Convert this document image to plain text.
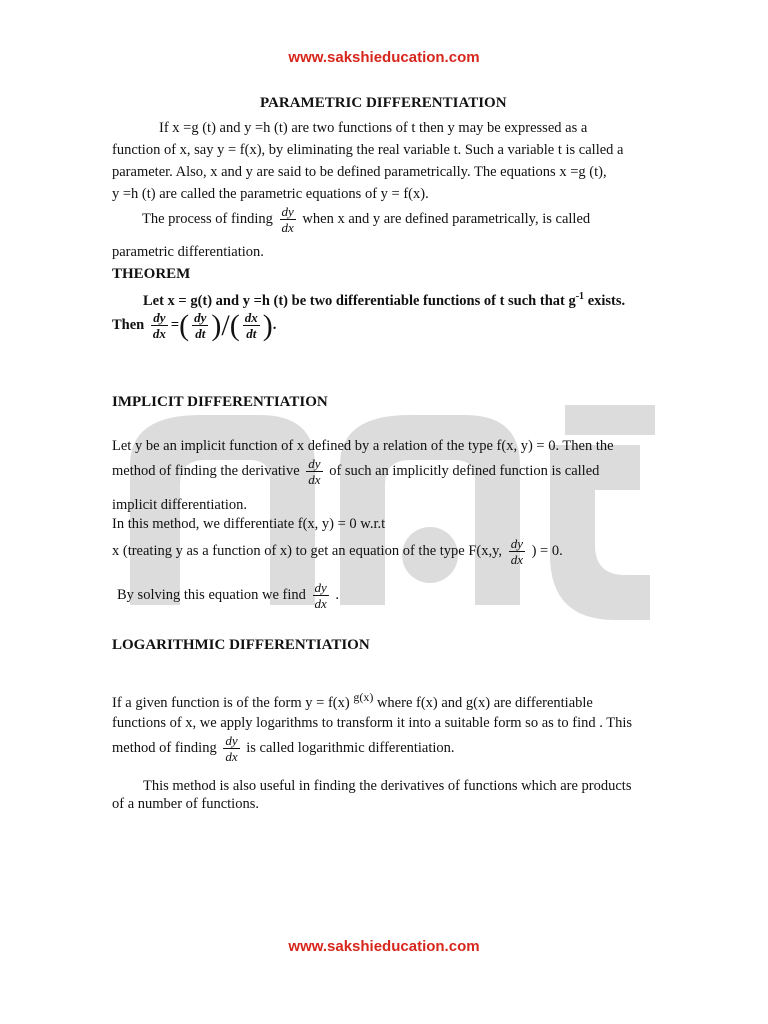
www.sakshieducation.com
PARAMETRIC DIFFERENTIATION
If x =g (t) and y =h (t) are two functions of t then y may be expressed as a
function of x, say y = f(x), by eliminating the real variable t. Such a variable t is called a
parameter. Also, x and y are said to be defined parametrically. The equations x =g (t),
y =h (t) are called the parametric equations of y = f(x).
The process of finding $\frac{dy}{dx}$ when x and y are defined parametrically, is called
parametric differentiation.
THEOREM
Let x = g(t) and y =h (t) be two differentiable functions of t such that $g^{-1}$ exists.
Then $\frac{dy}{dx}$ =( $\frac{dy}{dt}$ )/( $\frac{dx}{dt}$ ).
IMPLICIT DIFFERENTIATION
Let y be an implicit function of x defined by a relation of the type f(x, y) = 0. Then the
method of finding the derivative $\frac{dy}{dx}$ of such an implicitly defined function is called
implicit differentiation.
In this method, we differentiate f(x, y) = 0 w.r.t
x (treating y as a function of x) to get an equation of the type F(x,y, $\frac{dy}{dx}$ ) = 0.
By solving this equation we find $\frac{dy}{dx}$ .
LOGARITHMIC DIFFERENTIATION
If a given function is of the form y = f(x) $^{g(x)}$ where f(x) and g(x) are differentiable
functions of x, we apply logarithms to transform it into a suitable form so as to find . This
method of finding $\frac{dy}{dx}$ is called logarithmic differentiation.
This method is also useful in finding the derivatives of functions which are products
of a number of functions.
www.sakshieducation.com
